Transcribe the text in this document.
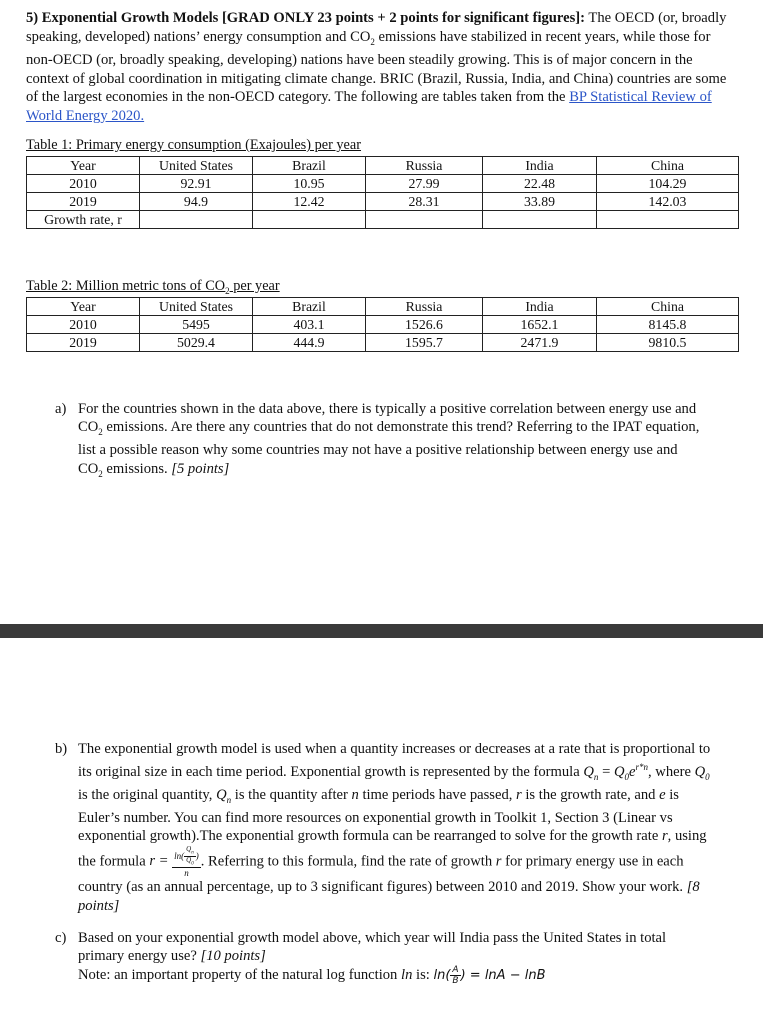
5) Exponential Growth Models [GRAD ONLY 23 points + 2 points for significant figures]: The OECD (or, broadly speaking, developed) nations’ energy consumption and $CO_2$ emissions have stabilized in recent years, while those for non-OECD (or, broadly speaking, developing) nations have been steadily growing. This is of major concern in the context of global coordination in mitigating climate change. BRIC (Brazil, Russia, India, and China) countries are some of the largest economies in the non-OECD category. The following are tables taken from the BP Statistical Review of World Energy 2020.
Table 1: Primary energy consumption (Exajoules) per year
Year	United States	Brazil	Russia	India	China
2010	92.91	10.95	27.99	22.48	104.29
2019	94.9	12.42	28.31	33.89	142.03
Growth rate, r					
Table 2: Million metric tons of $CO_2$ per year
Year	United States	Brazil	Russia	India	China
2010	5495	403.1	1526.6	1652.1	8145.8
2019	5029.4	444.9	1595.7	2471.9	9810.5
a) For the countries shown in the data above, there is typically a positive correlation between energy use and $CO_2$ emissions. Are there any countries that do not demonstrate this trend? Referring to the IPAT equation, list a possible reason why some countries may not have a positive relationship between energy use and $CO_2$ emissions. [5 points]
b) The exponential growth model is used when a quantity increases or decreases at a rate that is proportional to its original size in each time period. Exponential growth is represented by the formula $Q_n = Q_0e^{r*n}$, where $Q_0$ is the original quantity, $Q_n$ is the quantity after n time periods have passed, r is the growth rate, and e is Euler’s number. You can find more resources on exponential growth in Toolkit 1, Section 3 (Linear vs exponential growth).The exponential growth formula can be rearranged to solve for the growth rate r, using the formula $r = \frac{\ln( \frac{Q_n}{Q_0} )}{n}$ . Referring to this formula, find the rate of growth r for primary energy use in each country (as an annual percentage, up to 3 significant figures) between 2010 and 2019. Show your work. [8 points]
c) Based on your exponential growth model above, which year will India pass the United States in total primary energy use? [10 points]
Note: an important property of the natural log function ln is: $\ln( \frac{A}{B}$ ) = lnA − lnB
